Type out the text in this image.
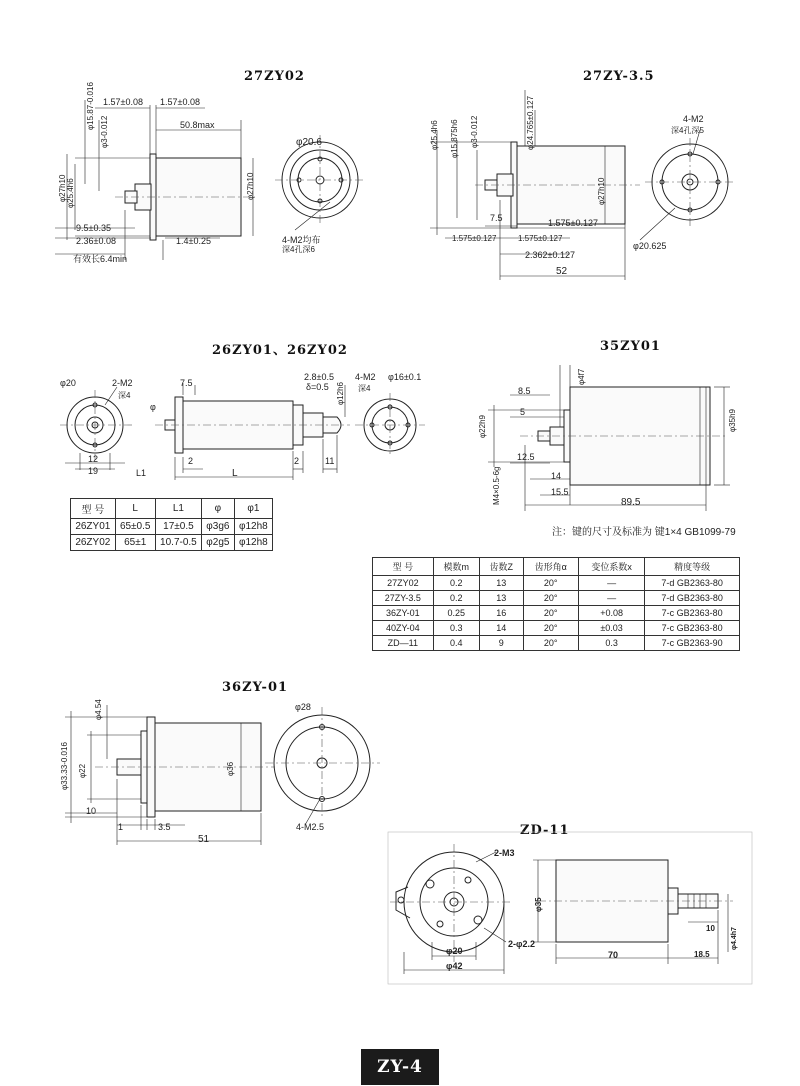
27ZY02	27ZY-3.5
26ZY01、26ZY02	35ZY01
36ZY-01
ZD-11
1.57±0.08 1.57±0.08
50.8max
φ15.87-0.016
φ3-0.012
φ27h10 φ25.4h6	φ27h10
φ20.6
9.5±0.35
2.36±0.08	1.4±0.25
有效长6.4min
4-M2均布
深4孔深6
φ25.4h6 φ15.875h6 φ3-0.012	φ24.765±0.127
φ27h10
4-M2
深4孔深5
7.5	1.575±0.127
1.575±0.127	1.575±0.127
2.362±0.127
52
φ20.625
φ20	2-M2
深4
7.5
2.8±0.5
δ=0.5
4-M2
深4
φ16±0.1
φ12h6
12
19
2	2	11
L1	L
φ
型 号	L	L1	φ	φ1
26ZY01	65±0.5	17±0.5	φ3g6	φ12h8
26ZY02	65±1	10.7-0.5	φ2g5	φ12h8
φ4f7
8.5
5
φ22h9	φ35h9
12.5
14
15.5
89.5
M4×0.5-6g
注：键的尺寸及标准为 键1×4 GB1099-79
型 号	模数m	齿数Z	齿形角α	变位系数x	精度等级
27ZY02	0.2	13	20°	—	7-d GB2363-80
27ZY-3.5	0.2	13	20°	—	7-d GB2363-80
36ZY-01	0.25	16	20°	+0.08	7-c GB2363-80
40ZY-04	0.3	14	20°	±0.03	7-c GB2363-80
ZD—11	0.4	9	20°	0.3	7-c GB2363-90
φ4.54
φ33.33-0.016 φ22	φ36
φ28
10
1	3.5
51
4-M2.5
2-M3
φ35
2-φ2.2
φ20
φ42
70	18.5
10 φ4.4h7
ZY-4
